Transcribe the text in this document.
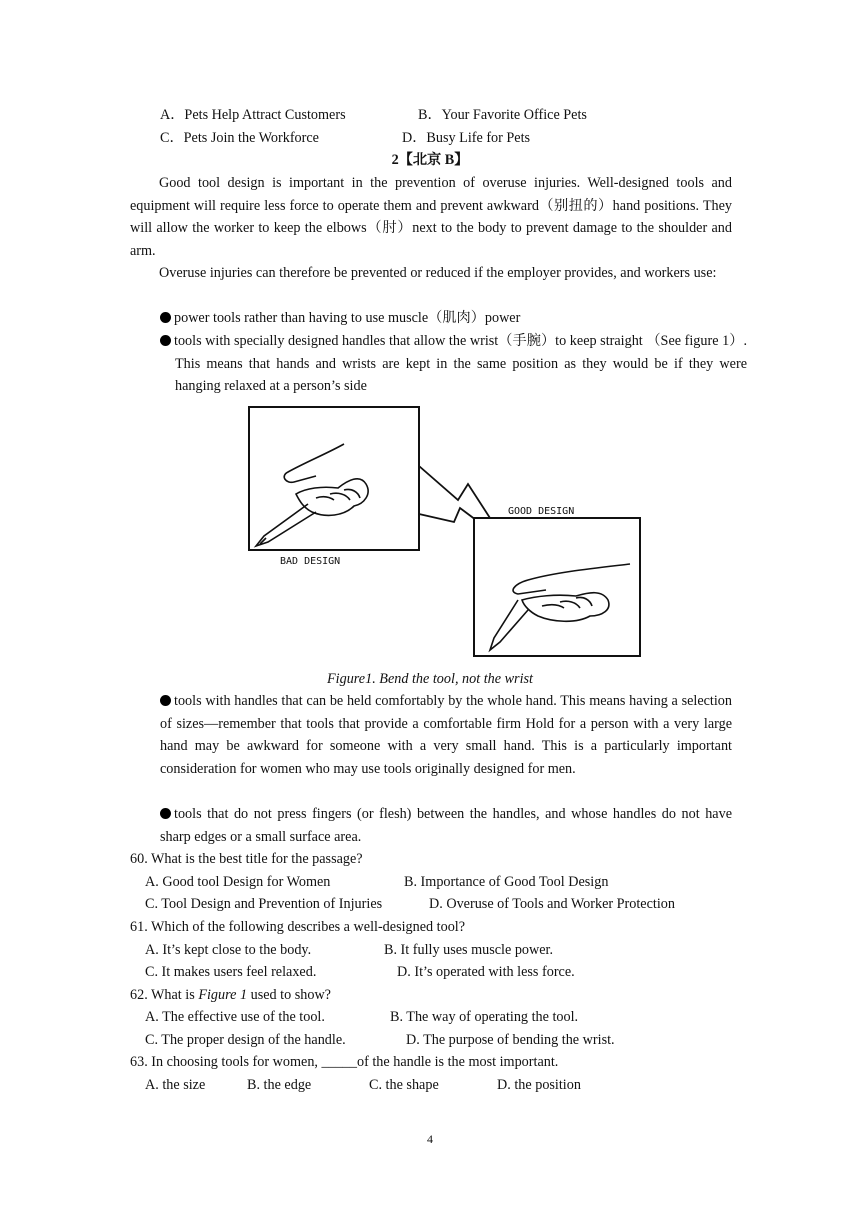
A．Pets Help Attract Customers	B．Your Favorite Office Pets
C．Pets Join the Workforce	D．Busy Life for Pets
2【北京 B】
Good tool design is important in the prevention of overuse injuries. Well-designed tools and equipment will require less force to operate them and prevent awkward（别扭的）hand positions. They will allow the worker to keep the elbows（肘）next to the body to prevent damage to the shoulder and arm.
Overuse injuries can therefore be prevented or reduced if the employer provides, and workers use:
power tools rather than having to use muscle（肌肉）power
tools with specially designed handles that allow the wrist（手腕）to keep straight （See figure 1）. This means that hands and wrists are kept in the same position as they would be if they were hanging relaxed at a person’s side
BAD DESIGN
GOOD DESIGN
Figure1. Bend the tool, not the wrist
tools with handles that can be held comfortably by the whole hand. This means having a selection of sizes—remember that tools that provide a comfortable firm Hold for a person with a very large hand may be awkward for someone with a very small hand. This is a particularly important consideration for women who may use tools originally designed for men.
tools that do not press fingers (or flesh) between the handles, and whose handles do not have sharp edges or a small surface area.
60. What is the best title for the passage?
A. Good tool Design for Women	B. Importance of Good Tool Design
C. Tool Design and Prevention of Injuries	D. Overuse of Tools and Worker Protection
61. Which of the following describes a well-designed tool?
A. It’s kept close to the body.	B. It fully uses muscle power.
C. It makes users feel relaxed.	D. It’s operated with less force.
62. What is Figure 1 used to show?
A. The effective use of the tool.	B. The way of operating the tool.
C. The proper design of the handle.	D. The purpose of bending the wrist.
63. In choosing tools for women, _____of the handle is the most important.
A. the size	B. the edge	C. the shape	D. the position
4
